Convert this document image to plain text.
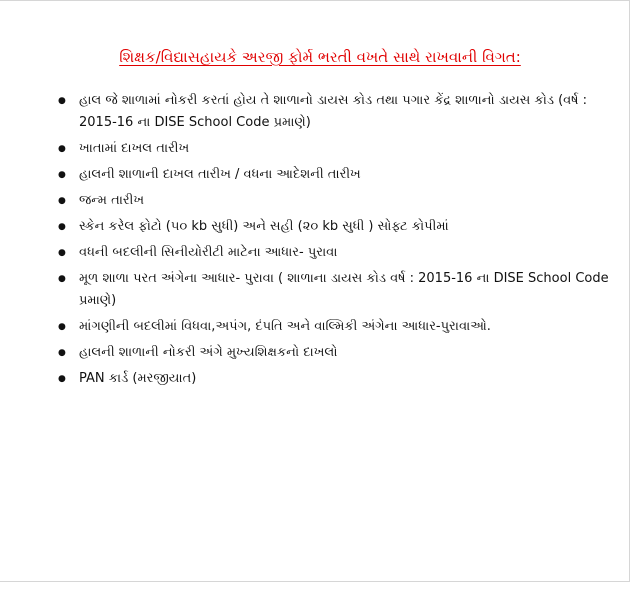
શિક્ષક/વિદ્યાસહાયકે અરજી ફોર્મ ભરતી વખતે સાથે રાખવાની વિગત:
● હાલ જે શાળામાં નોકરી કરતાં હોય તે શાળાનો ડાયસ કોડ તથા પગાર કેંદ્ર શાળાનો ડાયસ કોડ (વર્ષ : 2015-16 ના DISE School Code પ્રમાણે)
● ખાતામાં દાખલ તારીખ
● હાલની શાળાની દાખલ તારીખ / વધના આદેશની તારીખ
● જન્મ તારીખ
● સ્કેન કરેલ ફોટો (૫૦ kb સુધી) અને સહી (૨૦ kb સુધી ) સોફ્ટ કોપીમાં
● વધની બદલીની સિનીયોરીટી માટેના આધાર- પુરાવા
● મૂળ શાળા પરત અંગેના આધાર- પુરાવા ( શાળાના ડાયસ કોડ વર્ષ : 2015-16 ના DISE School Code પ્રમાણે)
● માંગણીની બદલીમાં વિધવા,અપંગ, દંપતિ અને વાલ્મિકી અંગેના આધાર-પુરાવાઓ.
● હાલની શાળાની નોકરી અંગે મુખ્યશિક્ષકનો દાખલો
● PAN કાર્ડ (મરજીયાત)
